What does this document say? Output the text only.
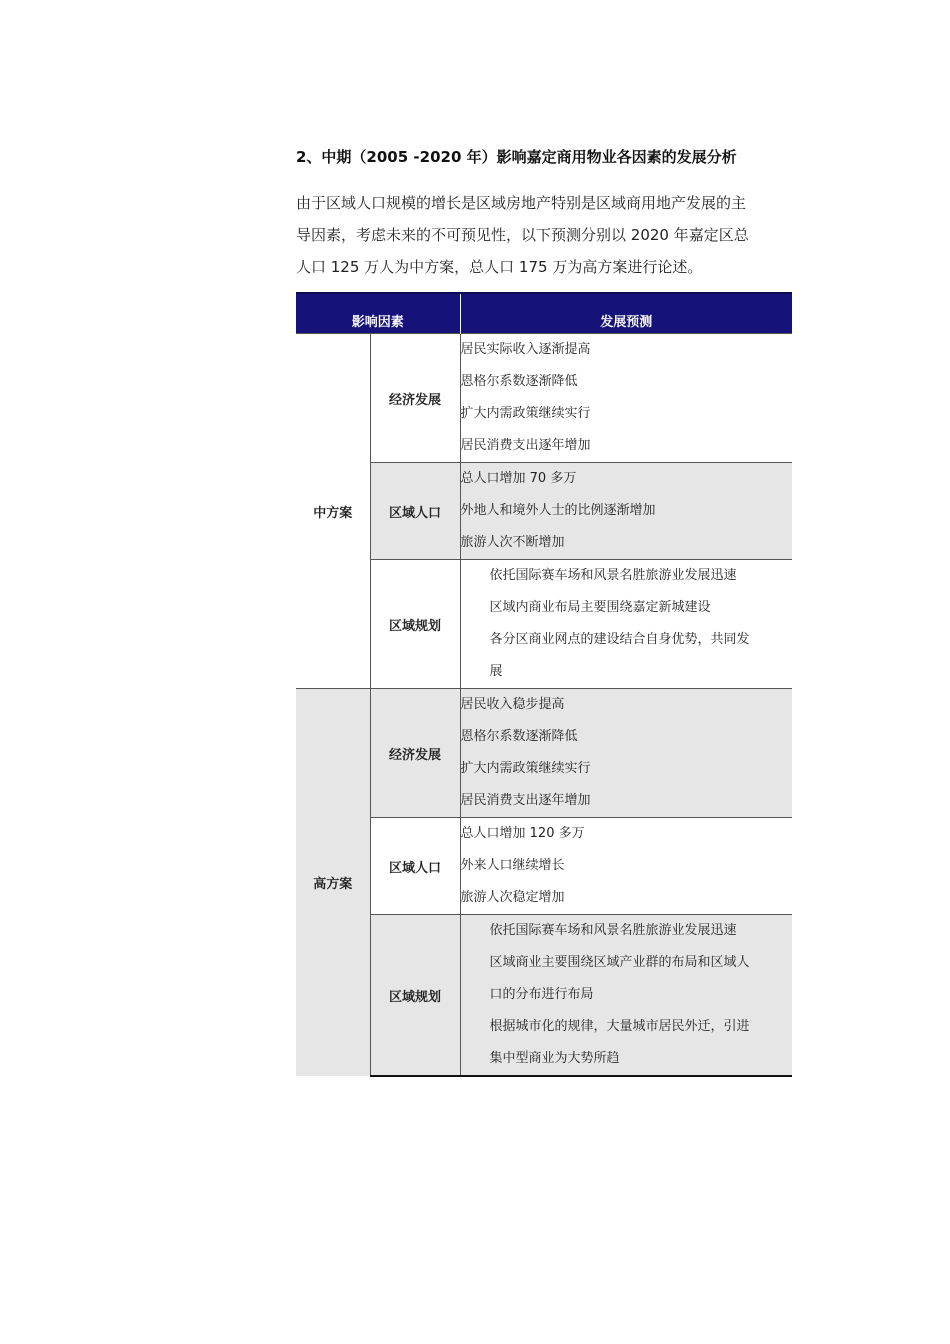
2、中期（2005 -2020 年）影响嘉定商用物业各因素的发展分析
由于区域人口规模的增长是区域房地产特别是区域商用地产发展的主
导因素，考虑未来的不可预见性，以下预测分别以 2020 年嘉定区总
人口 125 万人为中方案，总人口 175 万为高方案进行论述。
影响因素		发展预测
中方案	经济发展	居民实际收入逐渐提高
恩格尔系数逐渐降低
扩大内需政策继续实行
居民消费支出逐年增加

	区域人口	总人口增加 70 多万
外地人和境外人士的比例逐渐增加
旅游人次不断增加

	区域规划	依托国际赛车场和风景名胜旅游业发展迅速
区域内商业布局主要围绕嘉定新城建设
各分区商业网点的建设结合自身优势，共同发
展

高方案	经济发展	居民收入稳步提高
恩格尔系数逐渐降低
扩大内需政策继续实行
居民消费支出逐年增加

	区域人口	总人口增加 120 多万
外来人口继续增长
旅游人次稳定增加

	区域规划	依托国际赛车场和风景名胜旅游业发展迅速
区域商业主要围绕区域产业群的布局和区域人
口的分布进行布局
根据城市化的规律，大量城市居民外迁，引进
集中型商业为大势所趋
